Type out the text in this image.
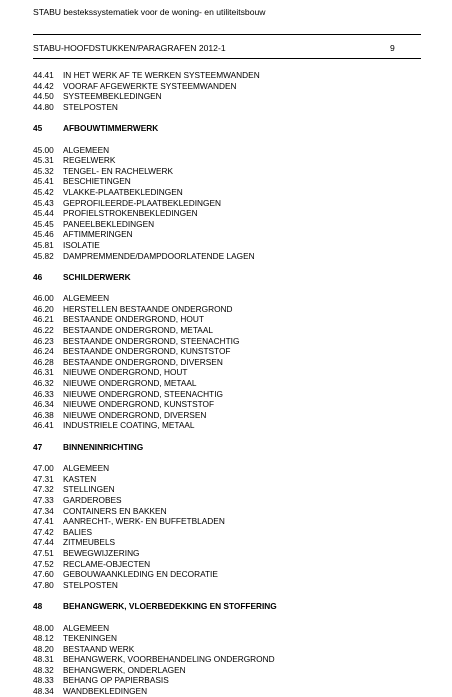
STABU bestekssystematiek voor de woning- en utiliteitsbouw
STABU-HOOFDSTUKKEN/PARAGRAFEN 2012-1	9
44.41	IN HET WERK AF TE WERKEN SYSTEEMWANDEN
44.42	VOORAF AFGEWERKTE SYSTEEMWANDEN
44.50	SYSTEEMBEKLEDINGEN
44.80	STELPOSTEN
45	AFBOUWTIMMERWERK
45.00	ALGEMEEN
45.31	REGELWERK
45.32	TENGEL- EN RACHELWERK
45.41	BESCHIETINGEN
45.42	VLAKKE-PLAATBEKLEDINGEN
45.43	GEPROFILEERDE-PLAATBEKLEDINGEN
45.44	PROFIELSTROKENBEKLEDINGEN
45.45	PANEELBEKLEDINGEN
45.46	AFTIMMERINGEN
45.81	ISOLATIE
45.82	DAMPREMMENDE/DAMPDOORLATENDE LAGEN
46	SCHILDERWERK
46.00	ALGEMEEN
46.20	HERSTELLEN BESTAANDE ONDERGROND
46.21	BESTAANDE ONDERGROND, HOUT
46.22	BESTAANDE ONDERGROND, METAAL
46.23	BESTAANDE ONDERGROND, STEENACHTIG
46.24	BESTAANDE ONDERGROND, KUNSTSTOF
46.28	BESTAANDE ONDERGROND, DIVERSEN
46.31	NIEUWE ONDERGROND, HOUT
46.32	NIEUWE ONDERGROND, METAAL
46.33	NIEUWE ONDERGROND, STEENACHTIG
46.34	NIEUWE ONDERGROND, KUNSTSTOF
46.38	NIEUWE ONDERGROND, DIVERSEN
46.41	INDUSTRIELE COATING, METAAL
47	BINNENINRICHTING
47.00	ALGEMEEN
47.31	KASTEN
47.32	STELLINGEN
47.33	GARDEROBES
47.34	CONTAINERS EN BAKKEN
47.41	AANRECHT-, WERK- EN BUFFETBLADEN
47.42	BALIES
47.44	ZITMEUBELS
47.51	BEWEGWIJZERING
47.52	RECLAME-OBJECTEN
47.60	GEBOUWAANKLEDING EN DECORATIE
47.80	STELPOSTEN
48	BEHANGWERK, VLOERBEDEKKING EN STOFFERING
48.00	ALGEMEEN
48.12	TEKENINGEN
48.20	BESTAAND WERK
48.31	BEHANGWERK, VOORBEHANDELING ONDERGROND
48.32	BEHANGWERK, ONDERLAGEN
48.33	BEHANG OP PAPIERBASIS
48.34	WANDBEKLEDINGEN
